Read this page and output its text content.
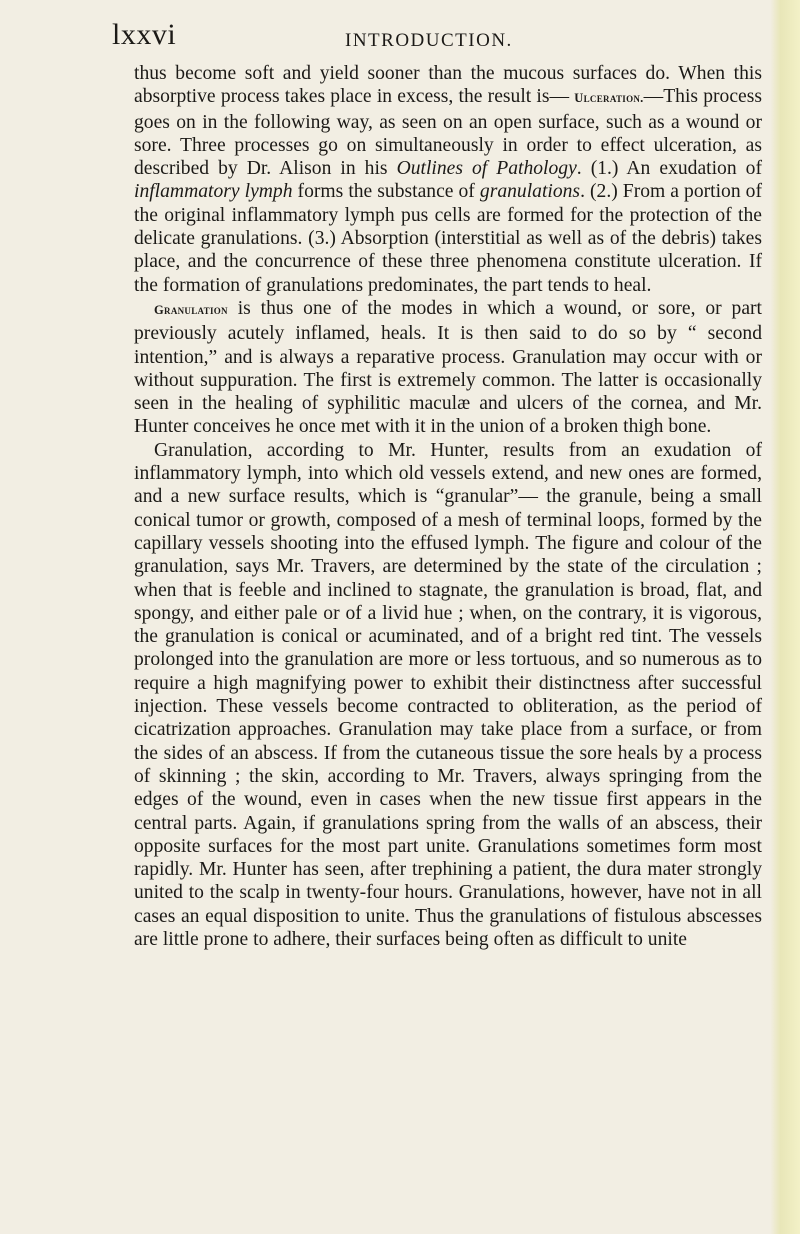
lxxvi	INTRODUCTION.

thus become soft and yield sooner than the mucous surfaces do. When this absorptive process takes place in excess, the result is— Ulceration.—This process goes on in the following way, as seen on an open surface, such as a wound or sore. Three processes go on simultaneously in order to effect ulceration, as described by Dr. Alison in his Outlines of Pathology. (1.) An exudation of inflammatory lymph forms the substance of granulations. (2.) From a portion of the original inflammatory lymph pus cells are formed for the protection of the delicate granulations. (3.) Absorption (interstitial as well as of the debris) takes place, and the concurrence of these three phenomena constitute ulceration. If the formation of granulations predominates, the part tends to heal.

Granulation is thus one of the modes in which a wound, or sore, or part previously acutely inflamed, heals. It is then said to do so by “ second intention,” and is always a reparative process. Granulation may occur with or without suppuration. The first is extremely common. The latter is occasionally seen in the healing of syphilitic maculæ and ulcers of the cornea, and Mr. Hunter conceives he once met with it in the union of a broken thigh bone.

Granulation, according to Mr. Hunter, results from an exudation of inflammatory lymph, into which old vessels extend, and new ones are formed, and a new surface results, which is “granular”— the granule, being a small conical tumor or growth, composed of a mesh of terminal loops, formed by the capillary vessels shooting into the effused lymph. The figure and colour of the granulation, says Mr. Travers, are determined by the state of the circulation ; when that is feeble and inclined to stagnate, the granulation is broad, flat, and spongy, and either pale or of a livid hue ; when, on the contrary, it is vigorous, the granulation is conical or acuminated, and of a bright red tint. The vessels prolonged into the granulation are more or less tortuous, and so numerous as to require a high magnifying power to exhibit their distinctness after successful injection. These vessels become contracted to obliteration, as the period of cicatrization approaches. Granulation may take place from a surface, or from the sides of an abscess. If from the cutaneous tissue the sore heals by a process of skinning ; the skin, according to Mr. Travers, always springing from the edges of the wound, even in cases when the new tissue first appears in the central parts. Again, if granulations spring from the walls of an abscess, their opposite surfaces for the most part unite. Granulations sometimes form most rapidly. Mr. Hunter has seen, after trephining a patient, the dura mater strongly united to the scalp in twenty-four hours. Granulations, however, have not in all cases an equal disposition to unite. Thus the granulations of fistulous abscesses are little prone to adhere, their surfaces being often as difficult to unite
